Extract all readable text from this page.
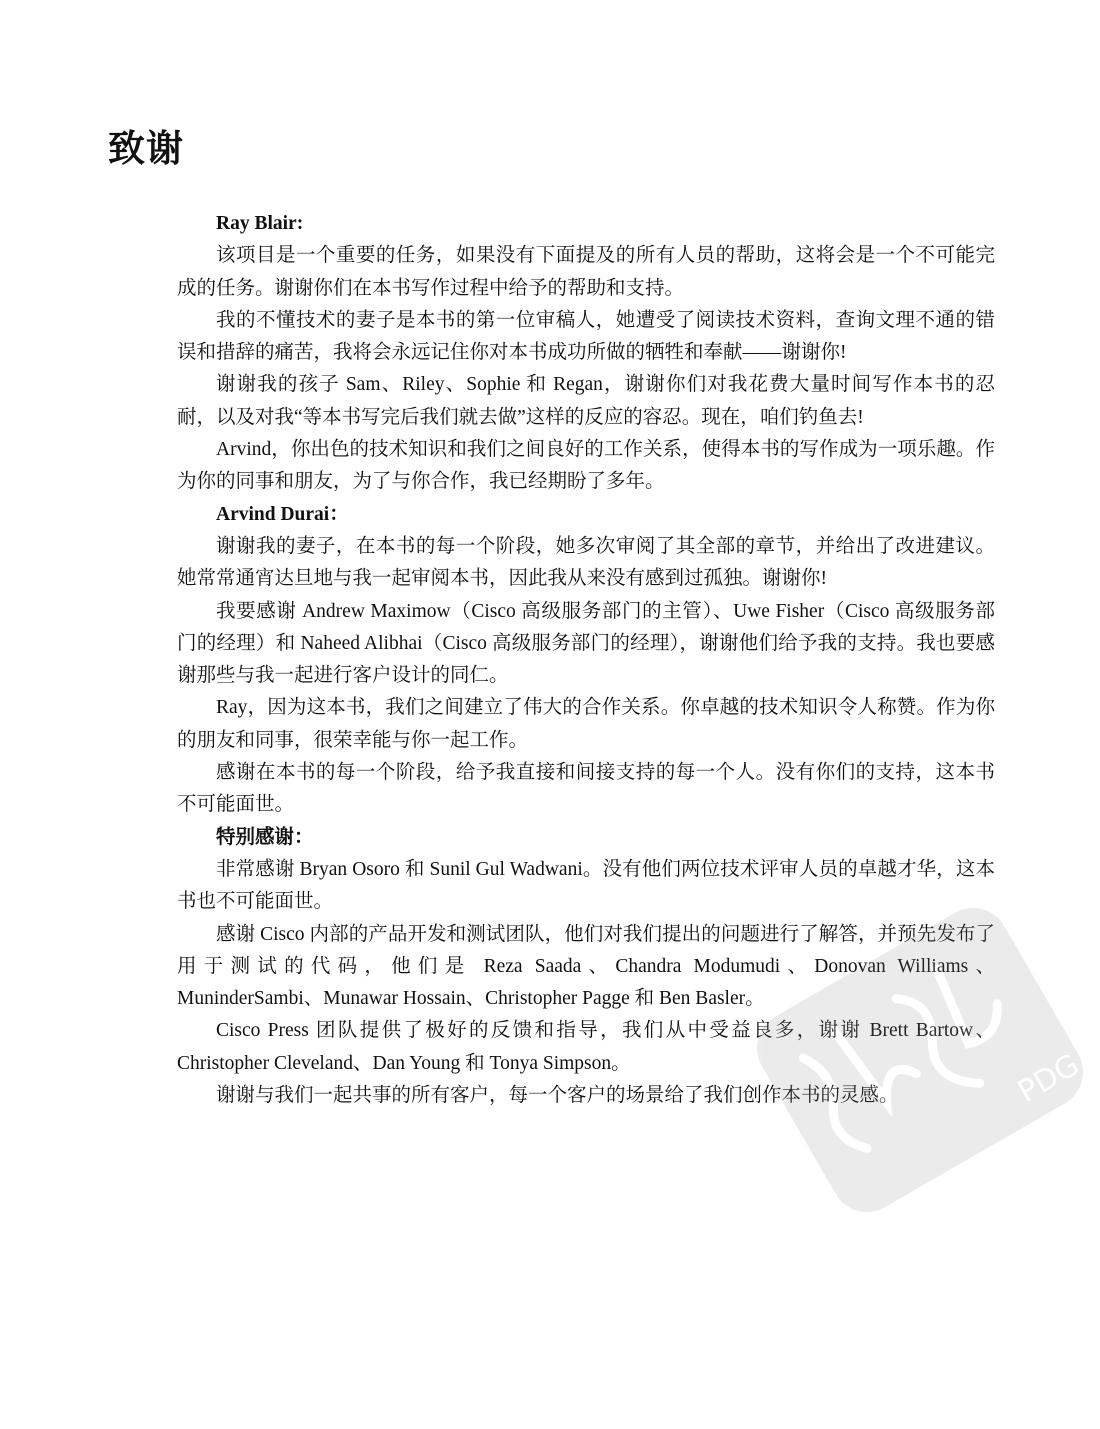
致谢
Ray Blair:

该项目是一个重要的任务，如果没有下面提及的所有人员的帮助，这将会是一个不可能完成的任务。谢谢你们在本书写作过程中给予的帮助和支持。

我的不懂技术的妻子是本书的第一位审稿人，她遭受了阅读技术资料，查询文理不通的错误和措辞的痛苦，我将会永远记住你对本书成功所做的牺牲和奉献——谢谢你!

谢谢我的孩子 Sam、Riley、Sophie 和 Regan，谢谢你们对我花费大量时间写作本书的忍耐，以及对我“等本书写完后我们就去做”这样的反应的容忍。现在，咱们钓鱼去!

Arvind，你出色的技术知识和我们之间良好的工作关系，使得本书的写作成为一项乐趣。作为你的同事和朋友，为了与你合作，我已经期盼了多年。

Arvind Durai：

谢谢我的妻子，在本书的每一个阶段，她多次审阅了其全部的章节，并给出了改进建议。她常常通宵达旦地与我一起审阅本书，因此我从来没有感到过孤独。谢谢你!

我要感谢 Andrew Maximow（Cisco 高级服务部门的主管）、Uwe Fisher（Cisco 高级服务部门的经理）和 Naheed Alibhai（Cisco 高级服务部门的经理），谢谢他们给予我的支持。我也要感谢那些与我一起进行客户设计的同仁。

Ray，因为这本书，我们之间建立了伟大的合作关系。你卓越的技术知识令人称赞。作为你的朋友和同事，很荣幸能与你一起工作。

感谢在本书的每一个阶段，给予我直接和间接支持的每一个人。没有你们的支持，这本书不可能面世。

特别感谢：

非常感谢 Bryan Osoro 和 Sunil Gul Wadwani。没有他们两位技术评审人员的卓越才华，这本书也不可能面世。

感谢 Cisco 内部的产品开发和测试团队，他们对我们提出的问题进行了解答，并预先发布了用于测试的代码，他们是 Reza Saada、Chandra Modumudi、Donovan Williams、MuninderSambi、Munawar Hossain、Christopher Pagge 和 Ben Basler。

Cisco Press 团队提供了极好的反馈和指导，我们从中受益良多，谢谢 Brett Bartow、Christopher Cleveland、Dan Young 和 Tonya Simpson。

谢谢与我们一起共事的所有客户，每一个客户的场景给了我们创作本书的灵感。	PDG
